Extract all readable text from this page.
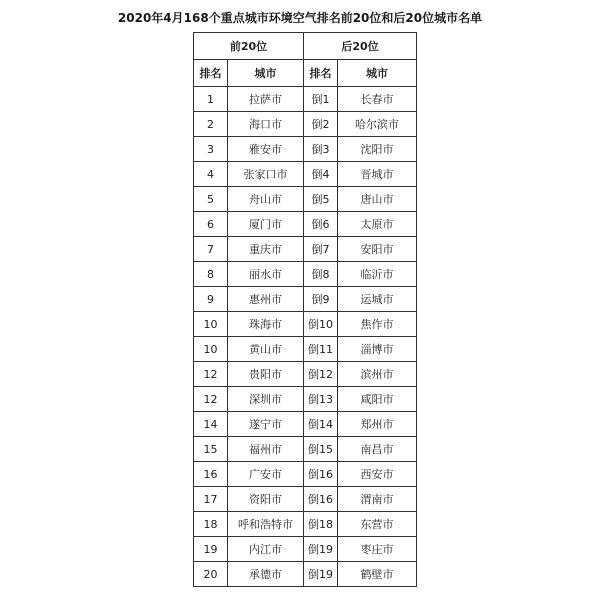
2020年4月168个重点城市环境空气排名前20位和后20位城市名单
前20位		后20位	
排名	城市	排名	城市
1	拉萨市	倒1	长春市
2	海口市	倒2	哈尔滨市
3	雅安市	倒3	沈阳市
4	张家口市	倒4	晋城市
5	舟山市	倒5	唐山市
6	厦门市	倒6	太原市
7	重庆市	倒7	安阳市
8	丽水市	倒8	临沂市
9	惠州市	倒9	运城市
10	珠海市	倒10	焦作市
10	黄山市	倒11	淄博市
12	贵阳市	倒12	滨州市
12	深圳市	倒13	咸阳市
14	遂宁市	倒14	郑州市
15	福州市	倒15	南昌市
16	广安市	倒16	西安市
17	资阳市	倒16	渭南市
18	呼和浩特市	倒18	东营市
19	内江市	倒19	枣庄市
20	承德市	倒19	鹤壁市
